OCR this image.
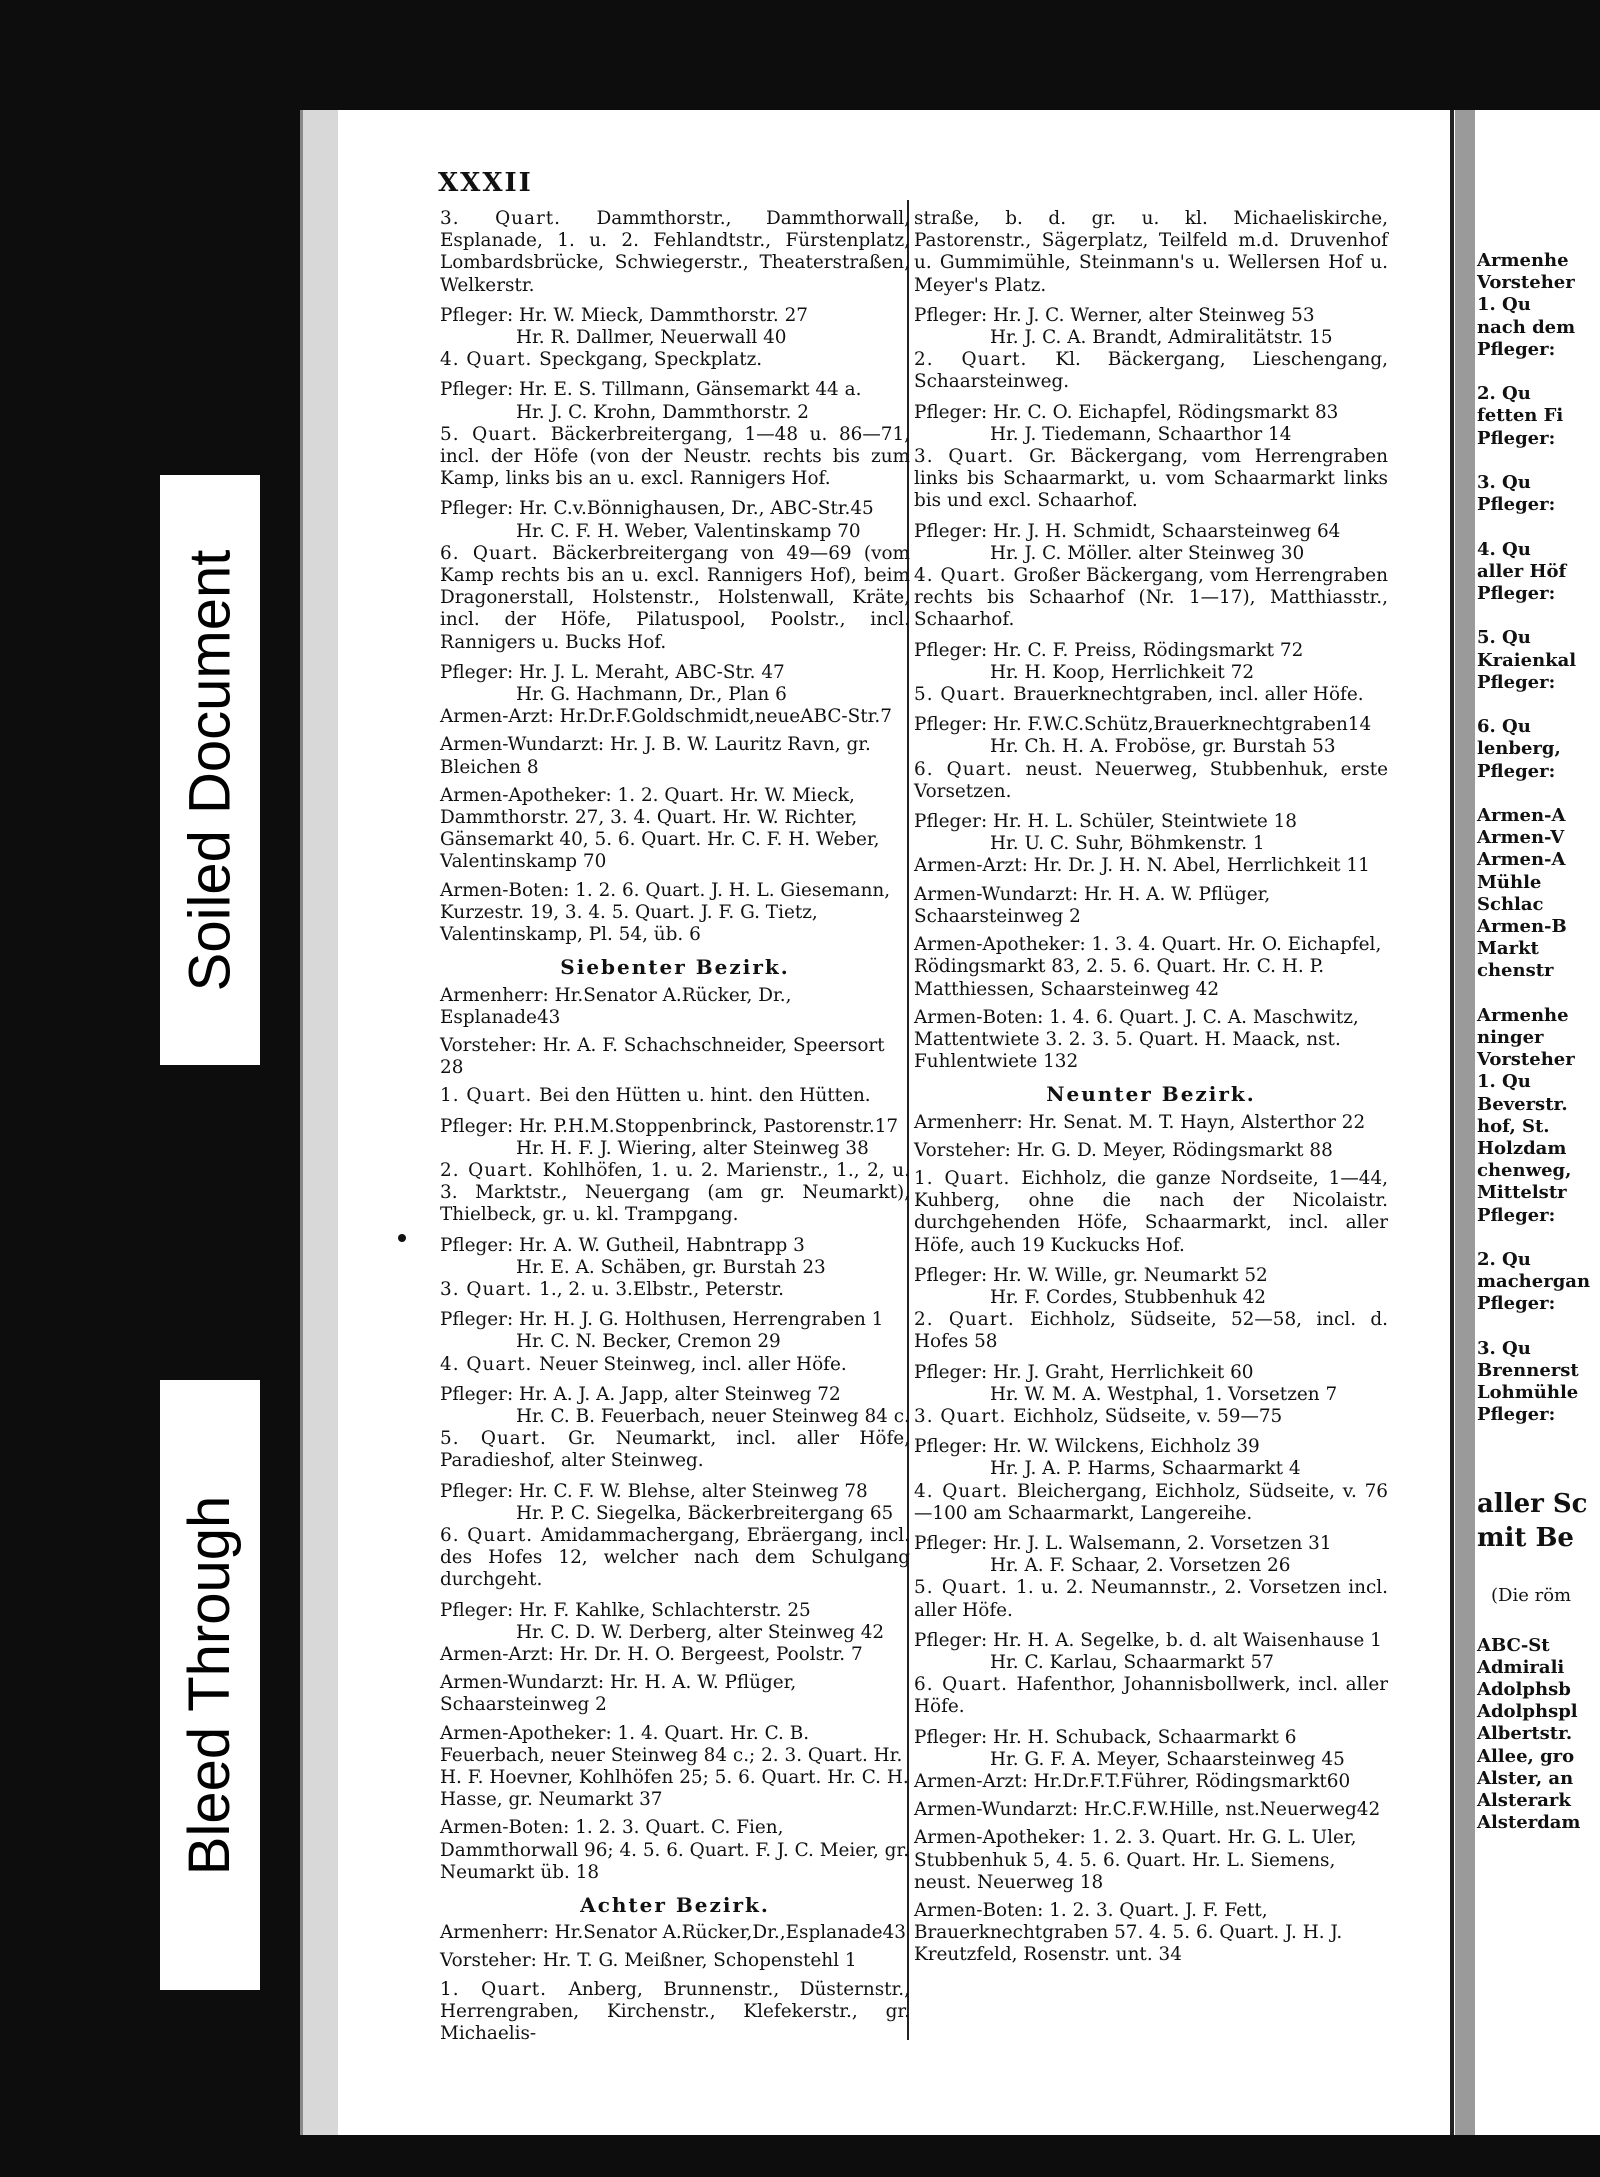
Soiled Document
Bleed Through
XXXII
3. Quart. Dammthorstr., Dammthorwall, Esplanade, 1. u. 2. Fehlandtstr., Fürstenplatz, Lombardsbrücke, Schwiegerstr., Theaterstraßen, Welkerstr.
Pfleger: Hr. W. Mieck, Dammthorstr. 27
Hr. R. Dallmer, Neuerwall 40
4. Quart. Speckgang, Speckplatz.
Pfleger: Hr. E. S. Tillmann, Gänsemarkt 44 a.
Hr. J. C. Krohn, Dammthorstr. 2
5. Quart. Bäckerbreitergang, 1—48 u. 86—71, incl. der Höfe (von der Neustr. rechts bis zum Kamp, links bis an u. excl. Rannigers Hof.
Pfleger: Hr. C.v.Bönnighausen, Dr., ABC-Str.45
Hr. C. F. H. Weber, Valentinskamp 70
6. Quart. Bäckerbreitergang von 49—69 (vom Kamp rechts bis an u. excl. Rannigers Hof), beim Dragonerstall, Holstenstr., Holstenwall, Kräte, incl. der Höfe, Pilatuspool, Poolstr., incl. Rannigers u. Bucks Hof.
Pfleger: Hr. J. L. Meraht, ABC-Str. 47
Hr. G. Hachmann, Dr., Plan 6
Armen-Arzt: Hr.Dr.F.Goldschmidt,neueABC-Str.7
Armen-Wundarzt: Hr. J. B. W. Lauritz Ravn, gr. Bleichen 8
Armen-Apotheker: 1. 2. Quart. Hr. W. Mieck, Dammthorstr. 27, 3. 4. Quart. Hr. W. Richter, Gänsemarkt 40, 5. 6. Quart. Hr. C. F. H. Weber, Valentinskamp 70
Armen-Boten: 1. 2. 6. Quart. J. H. L. Giesemann, Kurzestr. 19, 3. 4. 5. Quart. J. F. G. Tietz, Valentinskamp, Pl. 54, üb. 6
Siebenter Bezirk.
Armenherr: Hr.Senator A.Rücker, Dr., Esplanade43
Vorsteher: Hr. A. F. Schachschneider, Speersort 28
1. Quart. Bei den Hütten u. hint. den Hütten.
Pfleger: Hr. P.H.M.Stoppenbrinck, Pastorenstr.17
Hr. H. F. J. Wiering, alter Steinweg 38
2. Quart. Kohlhöfen, 1. u. 2. Marienstr., 1., 2, u. 3. Marktstr., Neuergang (am gr. Neumarkt), Thielbeck, gr. u. kl. Trampgang.
Pfleger: Hr. A. W. Gutheil, Habntrapp 3
Hr. E. A. Schäben, gr. Burstah 23
3. Quart. 1., 2. u. 3.Elbstr., Peterstr.
Pfleger: Hr. H. J. G. Holthusen, Herrengraben 1
Hr. C. N. Becker, Cremon 29
4. Quart. Neuer Steinweg, incl. aller Höfe.
Pfleger: Hr. A. J. A. Japp, alter Steinweg 72
Hr. C. B. Feuerbach, neuer Steinweg 84 c.
5. Quart. Gr. Neumarkt, incl. aller Höfe, Paradieshof, alter Steinweg.
Pfleger: Hr. C. F. W. Blehse, alter Steinweg 78
Hr. P. C. Siegelka, Bäckerbreitergang 65
6. Quart. Amidammachergang, Ebräergang, incl. des Hofes 12, welcher nach dem Schulgang durchgeht.
Pfleger: Hr. F. Kahlke, Schlachterstr. 25
Hr. C. D. W. Derberg, alter Steinweg 42
Armen-Arzt: Hr. Dr. H. O. Bergeest, Poolstr. 7
Armen-Wundarzt: Hr. H. A. W. Pflüger, Schaarsteinweg 2
Armen-Apotheker: 1. 4. Quart. Hr. C. B. Feuerbach, neuer Steinweg 84 c.; 2. 3. Quart. Hr. H. F. Hoevner, Kohlhöfen 25; 5. 6. Quart. Hr. C. H. Hasse, gr. Neumarkt 37
Armen-Boten: 1. 2. 3. Quart. C. Fien, Dammthorwall 96; 4. 5. 6. Quart. F. J. C. Meier, gr. Neumarkt üb. 18
Achter Bezirk.
Armenherr: Hr.Senator A.Rücker,Dr.,Esplanade43
Vorsteher: Hr. T. G. Meißner, Schopenstehl 1
1. Quart. Anberg, Brunnenstr., Düsternstr., Herrengraben, Kirchenstr., Klefekerstr., gr. Michaelis-
straße, b. d. gr. u. kl. Michaeliskirche, Pastorenstr., Sägerplatz, Teilfeld m.d. Druvenhof u. Gummimühle, Steinmann's u. Wellersen Hof u. Meyer's Platz.
Pfleger: Hr. J. C. Werner, alter Steinweg 53
Hr. J. C. A. Brandt, Admiralitätstr. 15
2. Quart. Kl. Bäckergang, Lieschengang, Schaarsteinweg.
Pfleger: Hr. C. O. Eichapfel, Rödingsmarkt 83
Hr. J. Tiedemann, Schaarthor 14
3. Quart. Gr. Bäckergang, vom Herrengraben links bis Schaarmarkt, u. vom Schaarmarkt links bis und excl. Schaarhof.
Pfleger: Hr. J. H. Schmidt, Schaarsteinweg 64
Hr. J. C. Möller. alter Steinweg 30
4. Quart. Großer Bäckergang, vom Herrengraben rechts bis Schaarhof (Nr. 1—17), Matthiasstr., Schaarhof.
Pfleger: Hr. C. F. Preiss, Rödingsmarkt 72
Hr. H. Koop, Herrlichkeit 72
5. Quart. Brauerknechtgraben, incl. aller Höfe.
Pfleger: Hr. F.W.C.Schütz,Brauerknechtgraben14
Hr. Ch. H. A. Froböse, gr. Burstah 53
6. Quart. neust. Neuerweg, Stubbenhuk, erste Vorsetzen.
Pfleger: Hr. H. L. Schüler, Steintwiete 18
Hr. U. C. Suhr, Böhmkenstr. 1
Armen-Arzt: Hr. Dr. J. H. N. Abel, Herrlichkeit 11
Armen-Wundarzt: Hr. H. A. W. Pflüger, Schaarsteinweg 2
Armen-Apotheker: 1. 3. 4. Quart. Hr. O. Eichapfel, Rödingsmarkt 83, 2. 5. 6. Quart. Hr. C. H. P. Matthiessen, Schaarsteinweg 42
Armen-Boten: 1. 4. 6. Quart. J. C. A. Maschwitz, Mattentwiete 3. 2. 3. 5. Quart. H. Maack, nst. Fuhlentwiete 132
Neunter Bezirk.
Armenherr: Hr. Senat. M. T. Hayn, Alsterthor 22
Vorsteher: Hr. G. D. Meyer, Rödingsmarkt 88
1. Quart. Eichholz, die ganze Nordseite, 1—44, Kuhberg, ohne die nach der Nicolaistr. durchgehenden Höfe, Schaarmarkt, incl. aller Höfe, auch 19 Kuckucks Hof.
Pfleger: Hr. W. Wille, gr. Neumarkt 52
Hr. F. Cordes, Stubbenhuk 42
2. Quart. Eichholz, Südseite, 52—58, incl. d. Hofes 58
Pfleger: Hr. J. Graht, Herrlichkeit 60
Hr. W. M. A. Westphal, 1. Vorsetzen 7
3. Quart. Eichholz, Südseite, v. 59—75
Pfleger: Hr. W. Wilckens, Eichholz 39
Hr. J. A. P. Harms, Schaarmarkt 4
4. Quart. Bleichergang, Eichholz, Südseite, v. 76—100 am Schaarmarkt, Langereihe.
Pfleger: Hr. J. L. Walsemann, 2. Vorsetzen 31
Hr. A. F. Schaar, 2. Vorsetzen 26
5. Quart. 1. u. 2. Neumannstr., 2. Vorsetzen incl. aller Höfe.
Pfleger: Hr. H. A. Segelke, b. d. alt Waisenhause 1
Hr. C. Karlau, Schaarmarkt 57
6. Quart. Hafenthor, Johannisbollwerk, incl. aller Höfe.
Pfleger: Hr. H. Schuback, Schaarmarkt 6
Hr. G. F. A. Meyer, Schaarsteinweg 45
Armen-Arzt: Hr.Dr.F.T.Führer, Rödingsmarkt60
Armen-Wundarzt: Hr.C.F.W.Hille, nst.Neuerweg42
Armen-Apotheker: 1. 2. 3. Quart. Hr. G. L. Uler, Stubbenhuk 5, 4. 5. 6. Quart. Hr. L. Siemens, neust. Neuerweg 18
Armen-Boten: 1. 2. 3. Quart. J. F. Fett, Brauerknechtgraben 57. 4. 5. 6. Quart. J. H. J. Kreutzfeld, Rosenstr. unt. 34
Armenhe
Vorsteher
1. Qu
nach dem
Pfleger:
2. Qu
fetten Fi
Pfleger:
3. Qu
Pfleger:
4. Qu
aller Höf
Pfleger:
5. Qu
Kraienkal
Pfleger:
6. Qu
lenberg,
Pfleger:
Armen-A
Armen-V
Armen-A
Mühle
Schlac
Armen-B
Markt
chenstr
Armenhe
ninger
Vorsteher
1. Qu
Beverstr.
hof, St.
Holzdam
chenweg,
Mittelstr
Pfleger:
2. Qu
machergan
Pfleger:
3. Qu
Brennerst
Lohmühle
Pfleger:
aller Sc
mit Be
(Die röm
ABC-St
Admirali
Adolphsb
Adolphspl
Albertstr.
Allee, gro
Alster, an
Alsterark
Alsterdam
